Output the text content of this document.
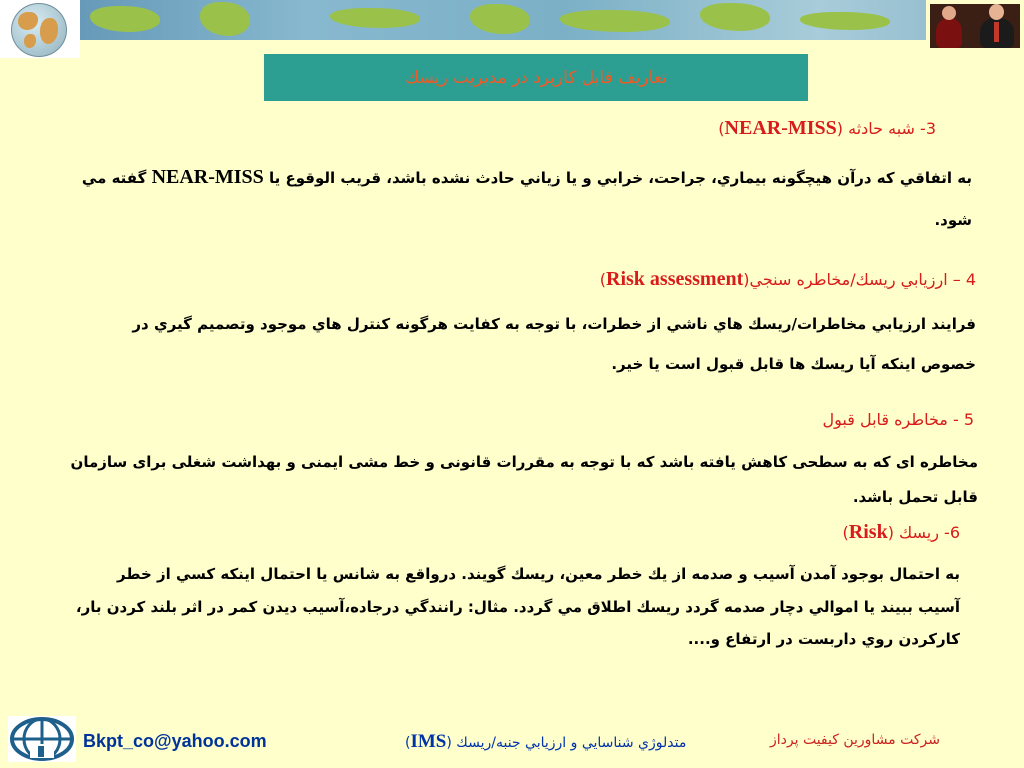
تعاريف قابل كاربرد در مديريت ريسك
3- شبه حادثه (NEAR-MISS)
به اتفاقي كه درآن هيچگونه بيماري، جراحت، خرابي و يا زياني حادث نشده باشد، قريب الوقوع يا NEAR-MISS گفته مي
شود.
4 – ارزيابي ريسك/مخاطره سنجي(Risk assessment)
فرايند ارزيابي مخاطرات/ريسك هاي ناشي از خطرات، با توجه به كفايت هرگونه كنترل هاي موجود وتصميم گيري در
خصوص اينكه آيا ريسك ها قابل قبول است يا خير.
5 - مخاطره قابل قبول
مخاطره ای كه به سطحی كاهش يافته باشد كه با توجه به مقررات قانونی و خط مشی ايمنی و بهداشت شغلی برای سازمان
قابل تحمل باشد.
6- ريسك (Risk)
به احتمال بوجود آمدن آسيب و صدمه از يك خطر معين، ريسك گويند. درواقع به شانس يا احتمال اينكه كسي از خطر
آسيب ببيند يا اموالي دچار صدمه گردد ريسك اطلاق مي گردد. مثال: رانندگي درجاده،آسيب ديدن كمر در اثر بلند كردن بار،
كاركردن روي داربست در ارتفاع و....
Bkpt_co@yahoo.com	متدلوژي شناسايي و ارزيابي جنبه/ريسك (IMS)	شركت مشاورين كيفيت پرداز
